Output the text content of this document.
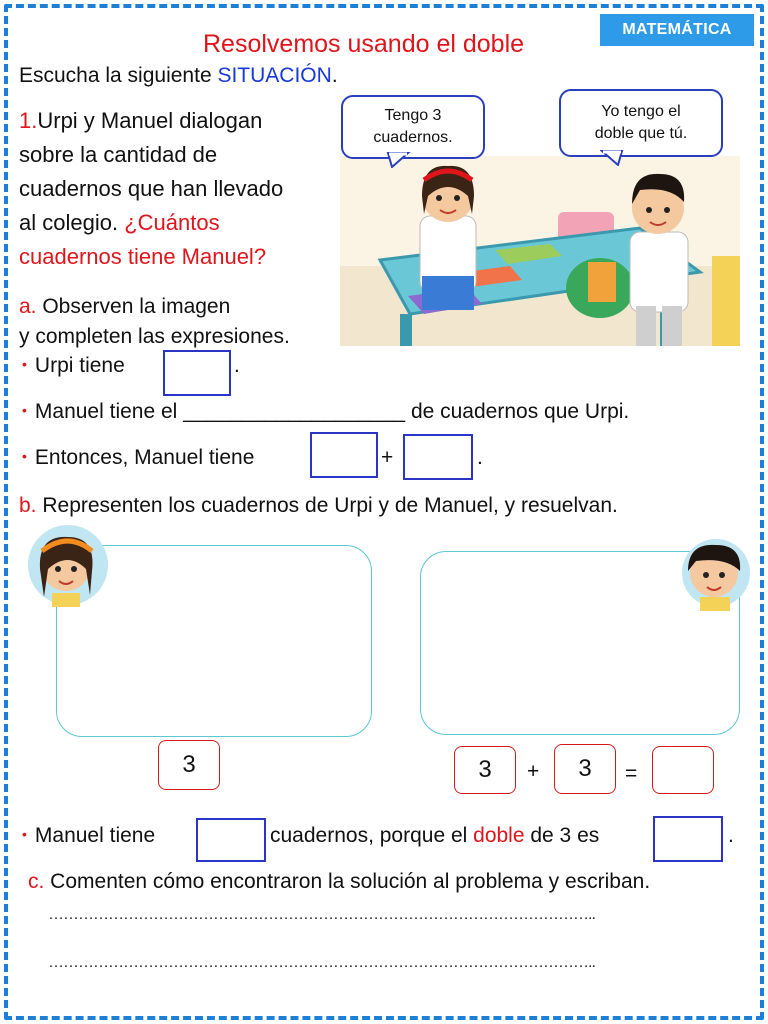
MATEMÁTICA
Resolvemos usando el doble
Escucha la siguiente SITUACIÓN.
1.Urpi y Manuel dialogan
sobre la cantidad de
cuadernos que han llevado
al colegio. ¿Cuántos
cuadernos tiene Manuel?
Tengo 3
cuadernos.
Yo tengo el
doble que tú.
a. Observen la imagen
y completen las expresiones.
• Urpi tiene	.
• Manuel tiene el ___________________ de cuadernos que Urpi.
• Entonces, Manuel tiene	+	.
b. Representen los cuadernos de Urpi y de Manuel, y resuelvan.
3	3	+	3	=
• Manuel tiene	cuadernos, porque el doble de 3 es	.
c. Comenten cómo encontraron la solución al problema y escriban.
………………………………………………………………………………………………..
………………………………………………………………………………………………..
